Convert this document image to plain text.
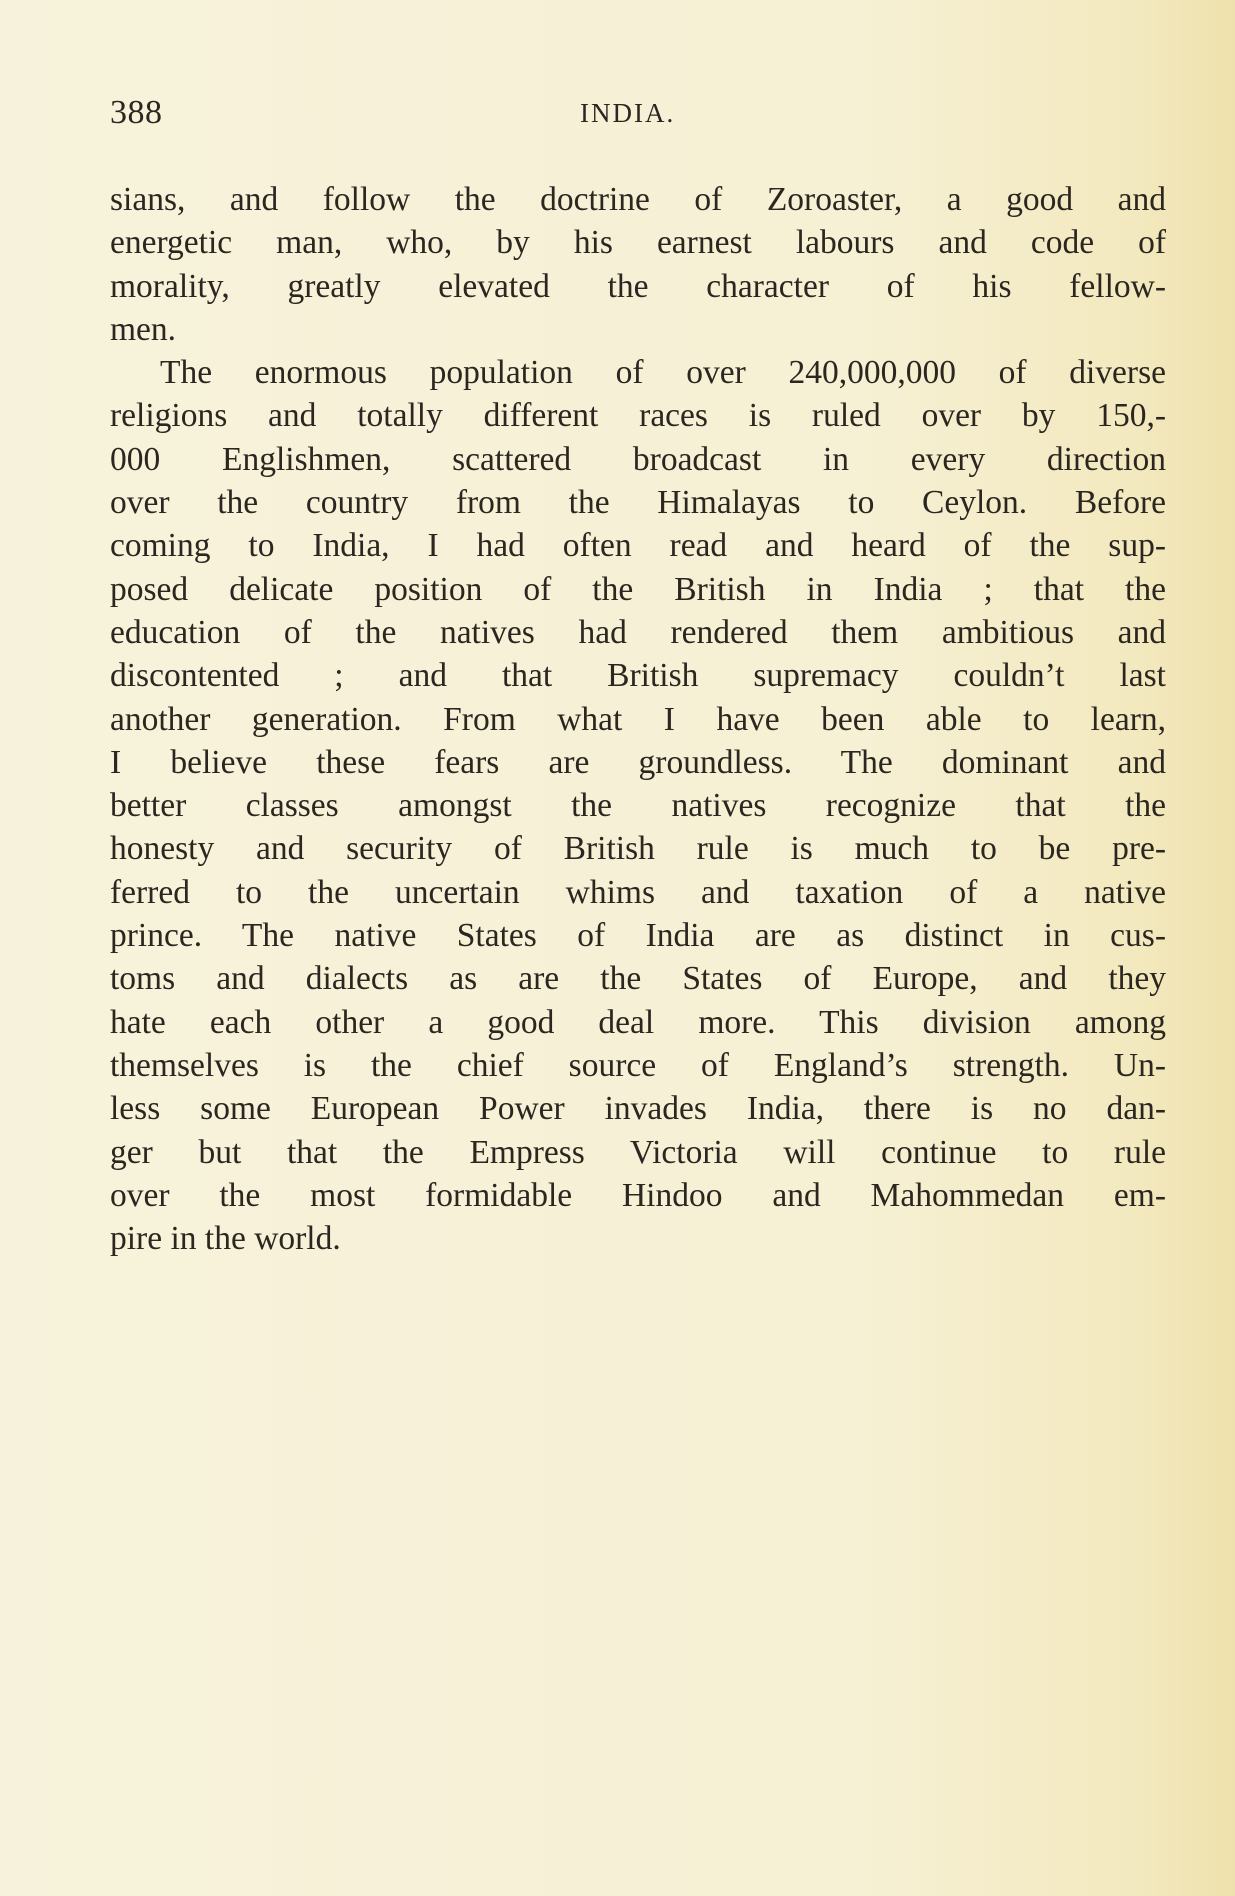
388	INDIA.
sians, and follow the doctrine of Zoroaster, a good and
energetic man, who, by his earnest labours and code of
morality, greatly elevated the character of his fellow-
men.
The enormous population of over 240,000,000 of diverse
religions and totally different races is ruled over by 150,-
000 Englishmen, scattered broadcast in every direction
over the country from the Himalayas to Ceylon. Before
coming to India, I had often read and heard of the sup-
posed delicate position of the British in India ; that the
education of the natives had rendered them ambitious and
discontented ; and that British supremacy couldn’t last
another generation. From what I have been able to learn,
I believe these fears are groundless. The dominant and
better classes amongst the natives recognize that the
honesty and security of British rule is much to be pre-
ferred to the uncertain whims and taxation of a native
prince. The native States of India are as distinct in cus-
toms and dialects as are the States of Europe, and they
hate each other a good deal more. This division among
themselves is the chief source of England’s strength. Un-
less some European Power invades India, there is no dan-
ger but that the Empress Victoria will continue to rule
over the most formidable Hindoo and Mahommedan em-
pire in the world.
